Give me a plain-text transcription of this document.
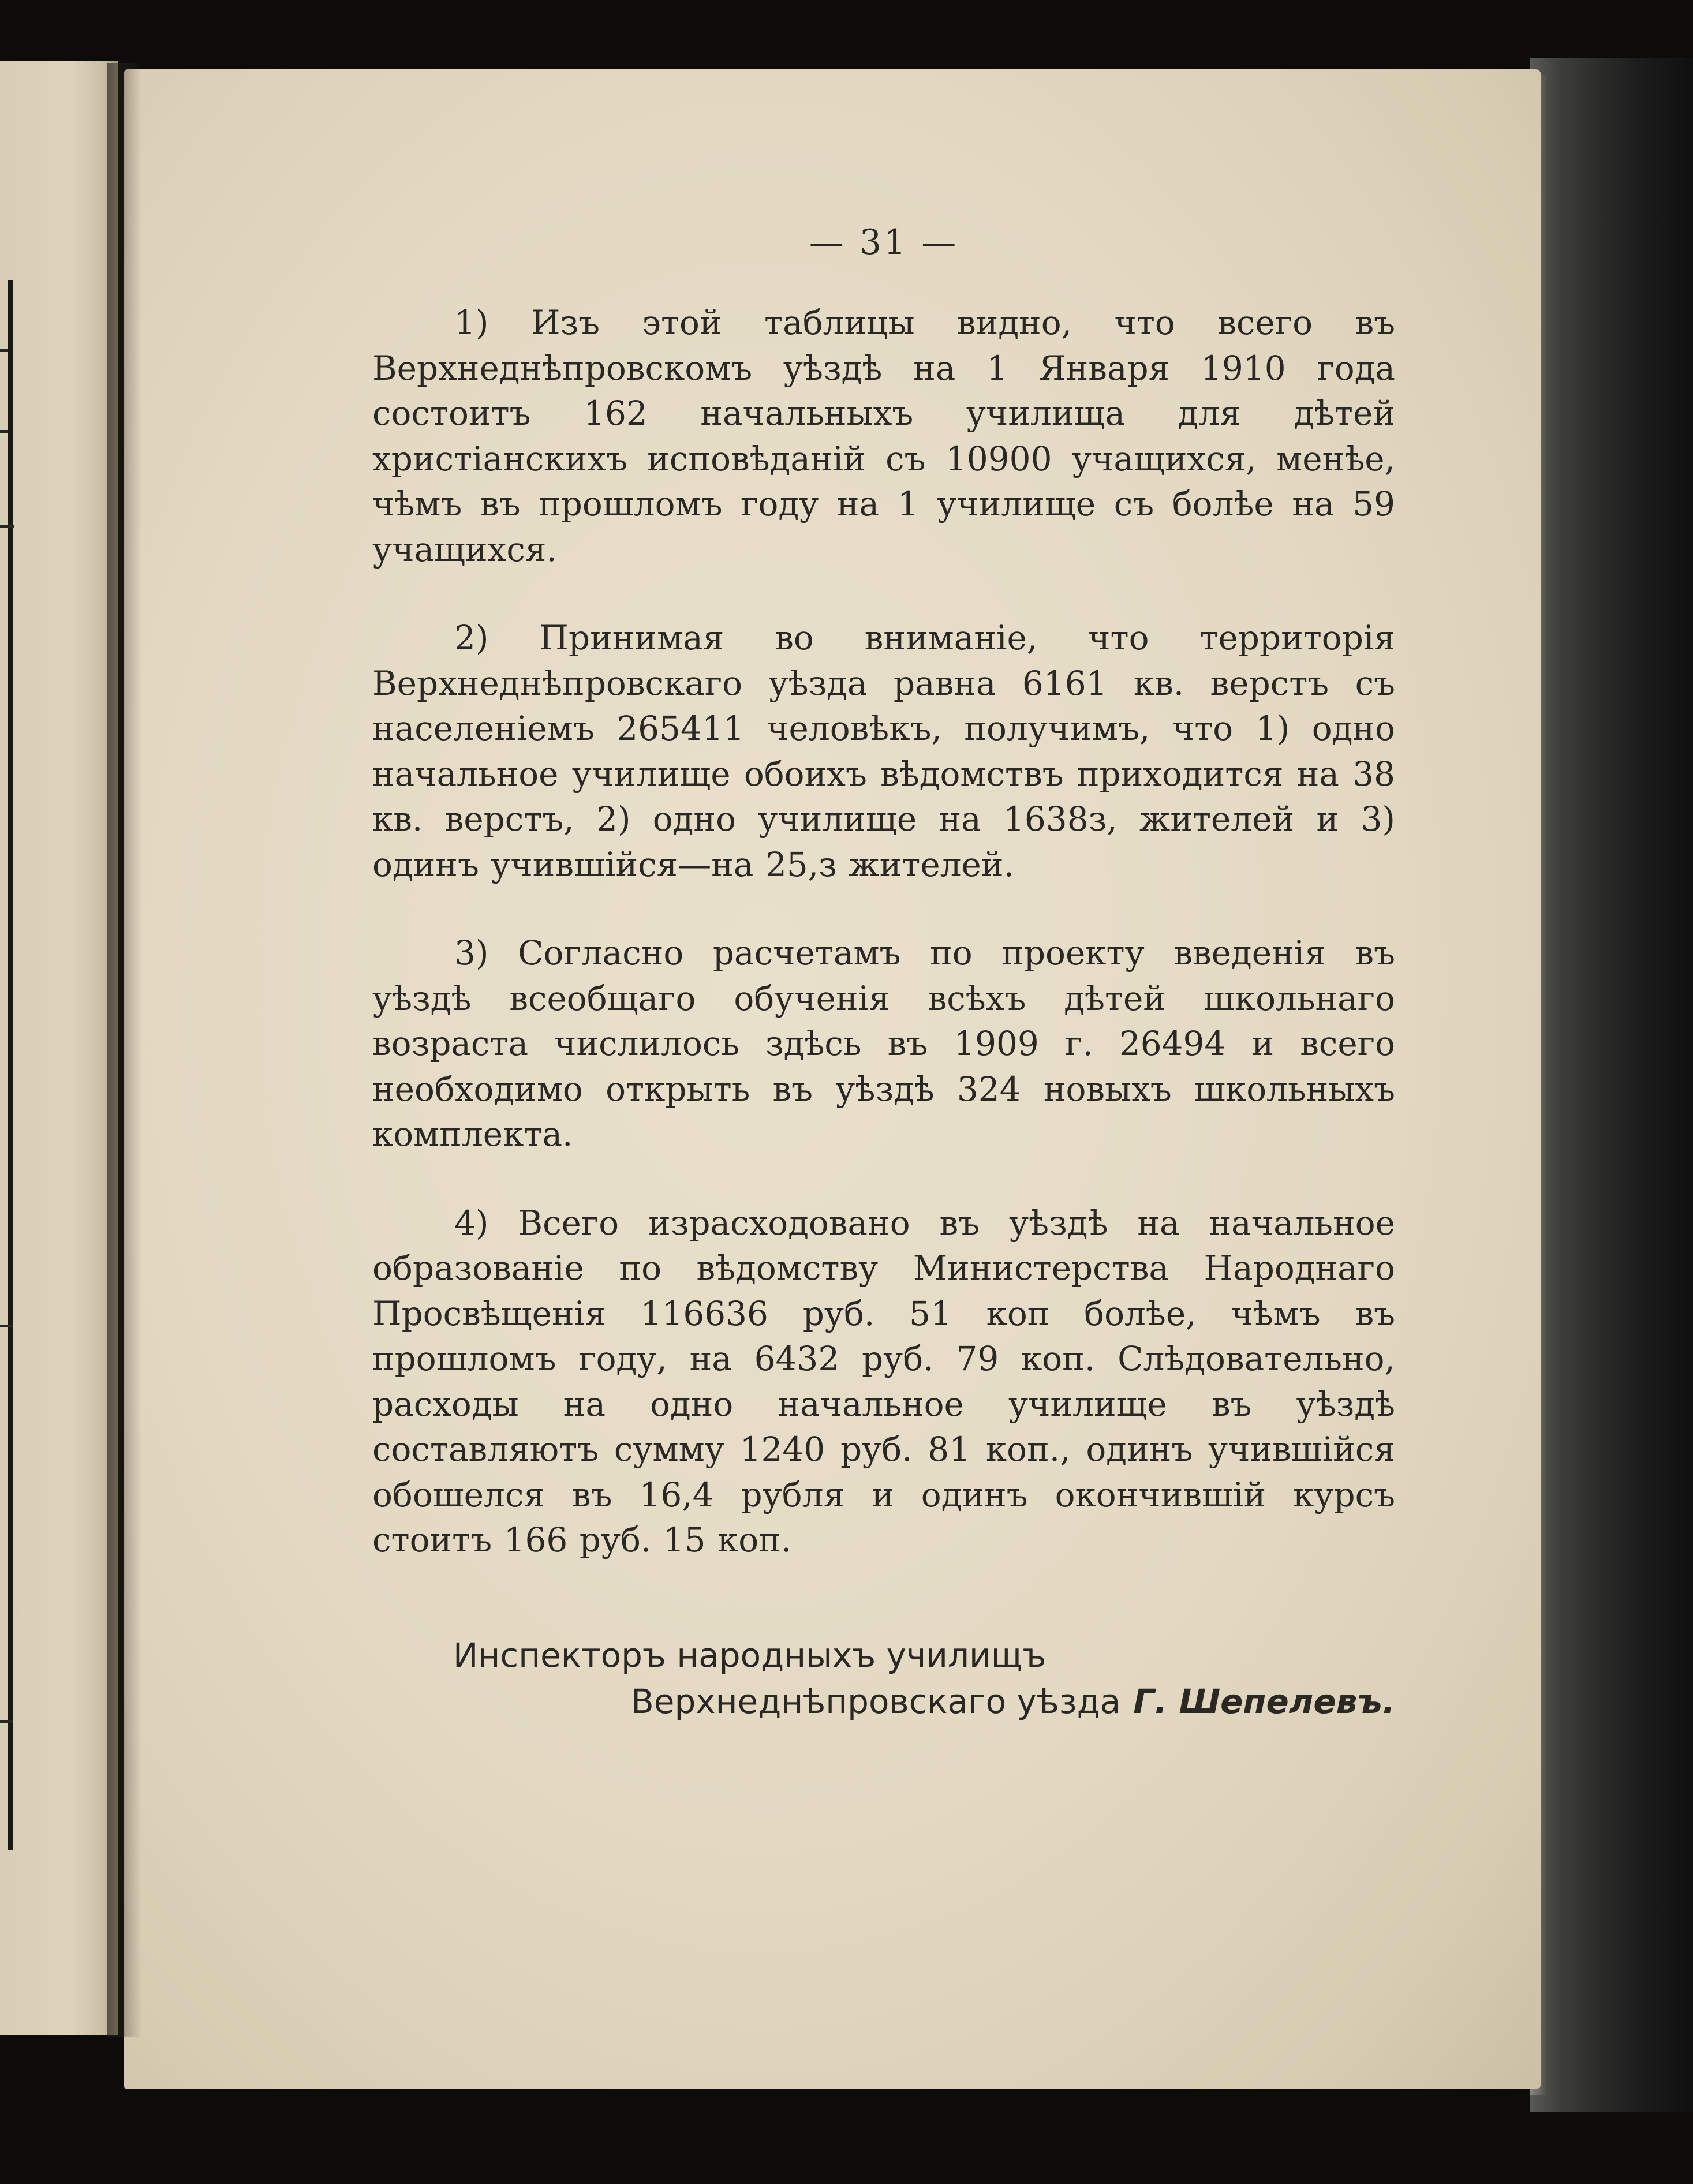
— 31 —

1) Изъ этой таблицы видно, что всего въ Верхнеднѣпровскомъ уѣздѣ на 1 Января 1910 года состоитъ 162 начальныхъ училища для дѣтей христіанскихъ исповѣданій съ 10900 учащихся, менѣе, чѣмъ въ прошломъ году на 1 училище съ болѣе на 59 учащихся.

2) Принимая во вниманіе, что территорія Верхнеднѣпровскаго уѣзда равна 6161 кв. верстъ съ населеніемъ 265411 человѣкъ, получимъ, что 1) одно начальное училище обоихъ вѣдомствъ приходится на 38 кв. верстъ, 2) одно училище на 1638з, жителей и 3) одинъ учившійся—на 25,з жителей.

3) Согласно расчетамъ по проекту введенія въ уѣздѣ всеобщаго обученія всѣхъ дѣтей школьнаго возраста числилось здѣсь въ 1909 г. 26494 и всего необходимо открыть въ уѣздѣ 324 новыхъ школьныхъ комплекта.

4) Всего израсходовано въ уѣздѣ на начальное образованіе по вѣдомству Министерства Народнаго Просвѣщенія 116636 руб. 51 коп болѣе, чѣмъ въ прошломъ году, на 6432 руб. 79 коп. Слѣдовательно, расходы на одно начальное училище въ уѣздѣ составляютъ сумму 1240 руб. 81 коп., одинъ учившійся обошелся въ 16,4 рубля и одинъ окончившій курсъ стоитъ 166 руб. 15 коп.

Инспекторъ народныхъ училищъ
Верхнеднѣпровскаго уѣзда Г. Шепелевъ.
